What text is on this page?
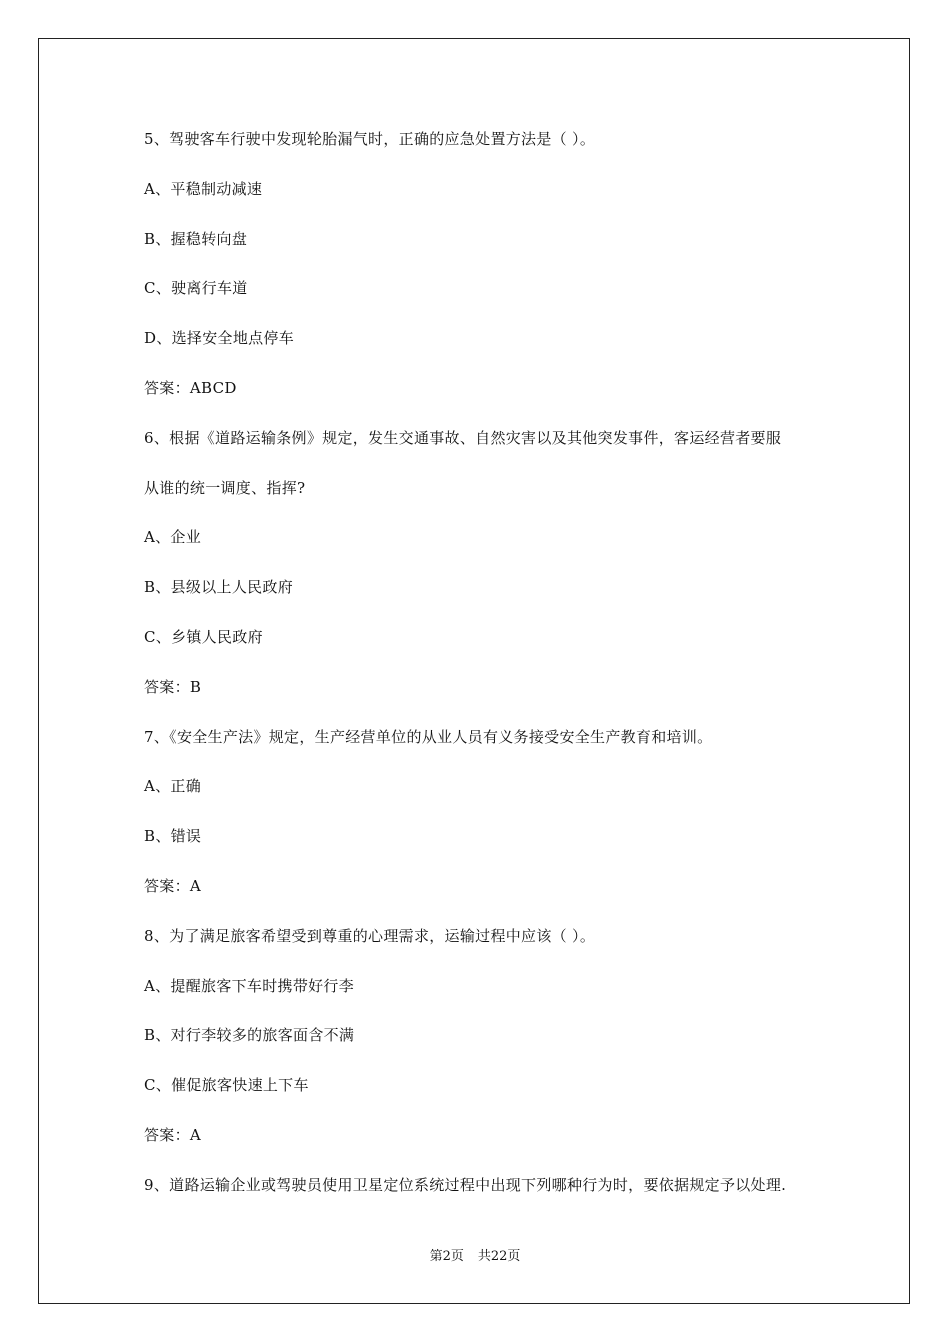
5、驾驶客车行驶中发现轮胎漏气时，正确的应急处置方法是（ ）。
A、平稳制动减速
B、握稳转向盘
C、驶离行车道
D、选择安全地点停车
答案：ABCD
6、根据《道路运输条例》规定，发生交通事故、自然灾害以及其他突发事件，客运经营者要服
从谁的统一调度、指挥?
A、企业
B、县级以上人民政府
C、乡镇人民政府
答案：B
7、《安全生产法》规定，生产经营单位的从业人员有义务接受安全生产教育和培训。
A、正确
B、错误
答案：A
8、为了满足旅客希望受到尊重的心理需求，运输过程中应该（ ）。
A、提醒旅客下车时携带好行李
B、对行李较多的旅客面含不满
C、催促旅客快速上下车
答案：A
9、道路运输企业或驾驶员使用卫星定位系统过程中出现下列哪种行为时，要依据规定予以处理.
第2页 共22页
